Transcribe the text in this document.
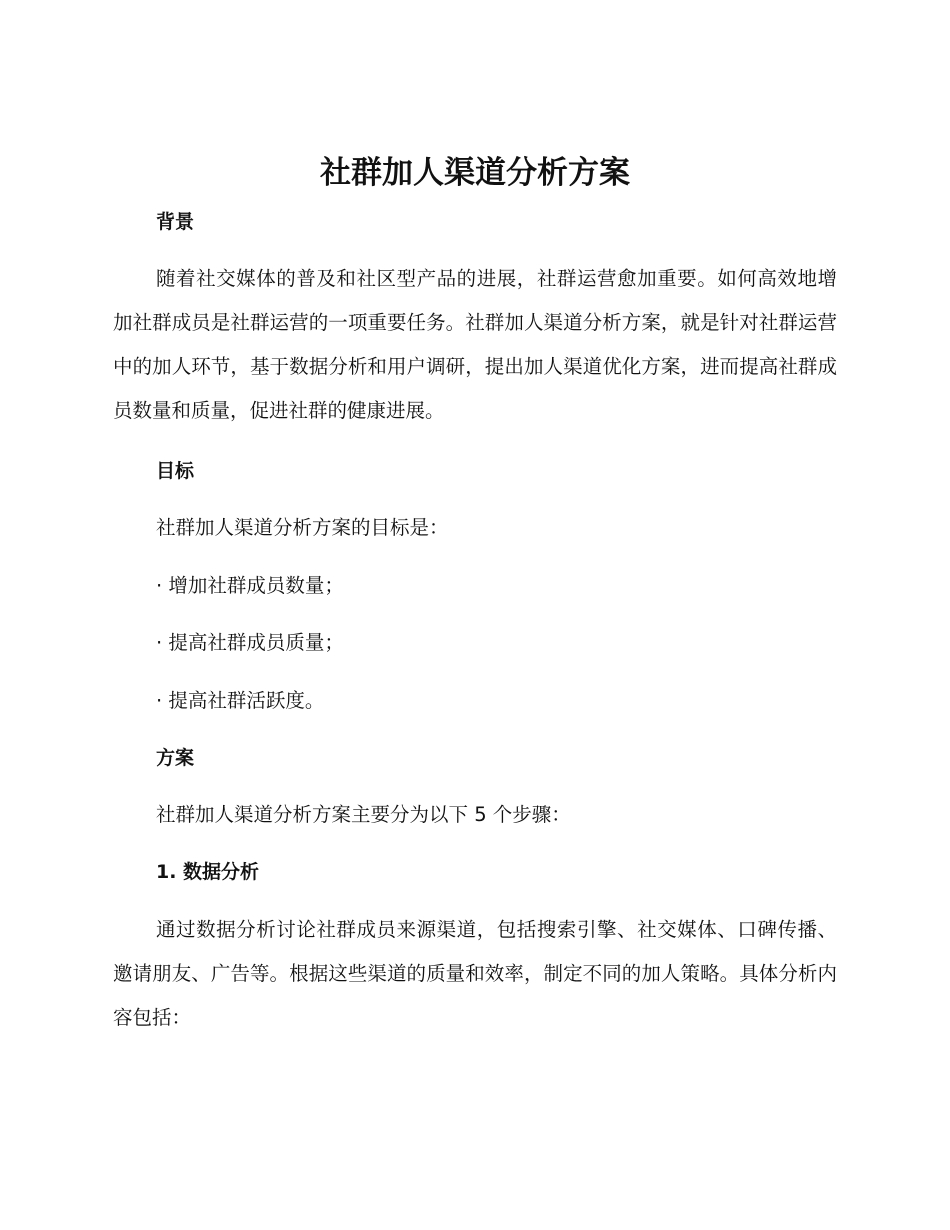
社群加人渠道分析方案
背景

随着社交媒体的普及和社区型产品的进展，社群运营愈加重要。如何高效地增加社群成员是社群运营的一项重要任务。社群加人渠道分析方案，就是针对社群运营中的加人环节，基于数据分析和用户调研，提出加人渠道优化方案，进而提高社群成员数量和质量，促进社群的健康进展。

目标

社群加人渠道分析方案的目标是：

· 增加社群成员数量；

· 提高社群成员质量；

· 提高社群活跃度。

方案

社群加人渠道分析方案主要分为以下 5 个步骤：

1. 数据分析

通过数据分析讨论社群成员来源渠道，包括搜索引擎、社交媒体、口碑传播、邀请朋友、广告等。根据这些渠道的质量和效率，制定不同的加人策略。具体分析内容包括：
